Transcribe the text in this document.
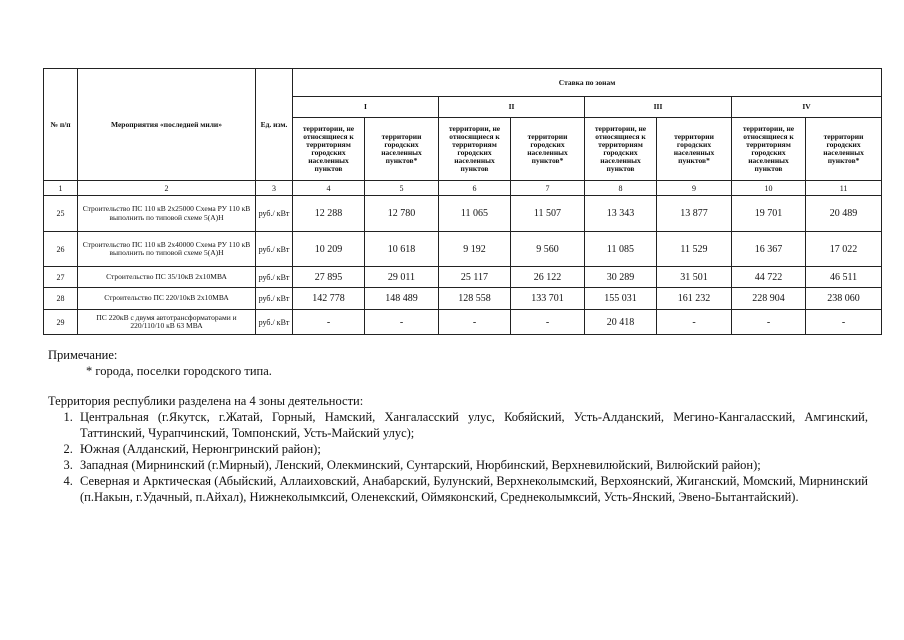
№ п/п	Мероприятия «последней мили»	Ед. изм.	Ставка по зонам							
			I		II		III		IV	
			территории, не относящиеся к территориям городских населенных пунктов	территории городских населенных пунктов*	территории, не относящиеся к территориям городских населенных пунктов	территории городских населенных пунктов*	территории, не относящиеся к территориям городских населенных пунктов	территории городских населенных пунктов*	территории, не относящиеся к территориям городских населенных пунктов	территории городских населенных пунктов*
1	2	3	4	5	6	7	8	9	10	11
25	Строительство ПС 110 кВ 2х25000 Схема РУ 110 кВ выполнить по типовой схеме 5(А)Н	руб./ кВт	12 288	12 780	11 065	11 507	13 343	13 877	19 701	20 489
26	Строительство ПС 110 кВ 2х40000 Схема РУ 110 кВ выполнить по типовой схеме 5(А)Н	руб./ кВт	10 209	10 618	9 192	9 560	11 085	11 529	16 367	17 022
27	Строительство ПС 35/10кВ 2х10МВА	руб./ кВт	27 895	29 011	25 117	26 122	30 289	31 501	44 722	46 511
28	Строительство ПС 220/10кВ 2х10МВА	руб./ кВт	142 778	148 489	128 558	133 701	155 031	161 232	228 904	238 060
29	ПС 220кВ с двумя автотрансформаторами и 220/110/10 кВ 63 МВА	руб./ кВт	-	-	-	-	20 418	-	-	-

Примечание:

* города, поселки городского типа.

Территория республики разделена на 4 зоны деятельности:

1. Центральная (г.Якутск, г.Жатай, Горный, Намский, Хангаласский улус, Кобяйский, Усть-Алданский, Мегино-Кангаласский, Амгинский, Таттинский, Чурапчинский, Томпонский, Усть-Майский улус);
2. Южная (Алданский, Нерюнгринский район);
3. Западная (Мирнинский (г.Мирный), Ленский, Олекминский, Сунтарский, Нюрбинский, Верхневилюйский, Вилюйский район);
4. Северная и Арктическая (Абыйский, Аллаиховский, Анабарский, Булунский, Верхнеколымский, Верхоянский, Жиганский, Момский, Мирнинский (п.Накын, г.Удачный, п.Айхал), Нижнеколымксий, Оленекский, Оймяконский, Среднеколымксий, Усть-Янский, Эвено-Бытантайский).
